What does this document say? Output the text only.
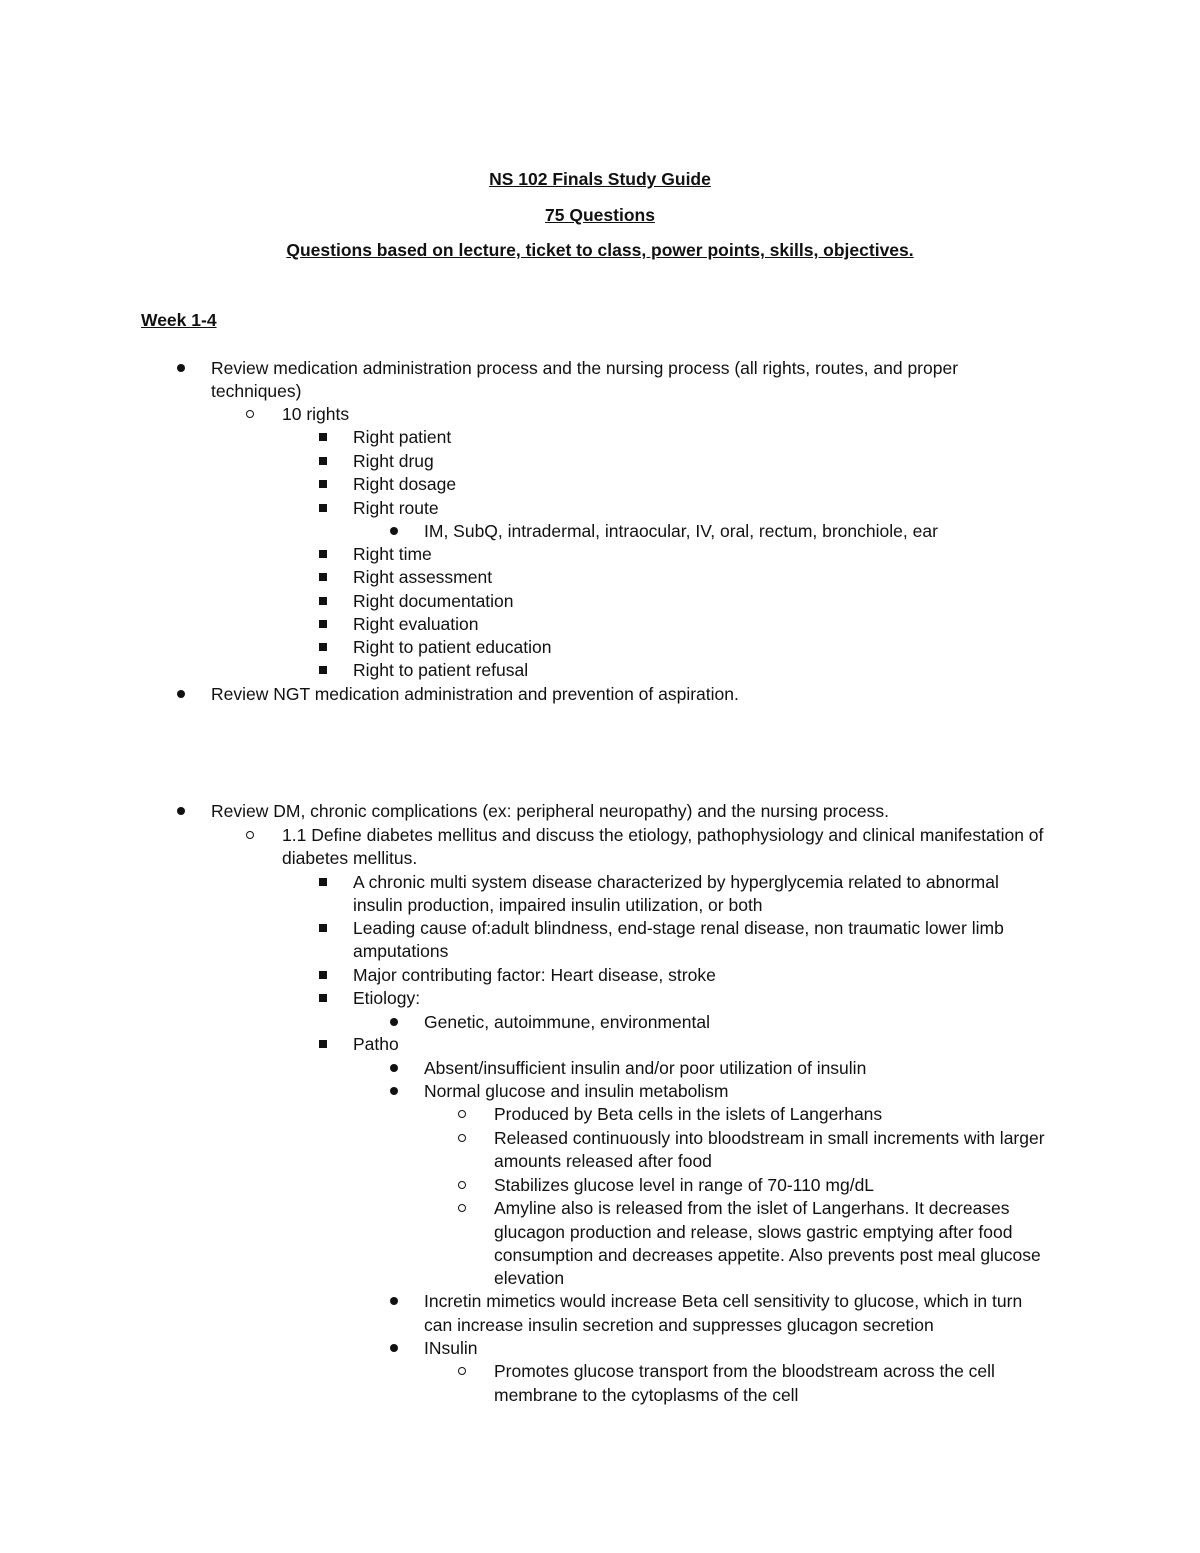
NS 102 Finals Study Guide
75 Questions
Questions based on lecture, ticket to class, power points, skills, objectives.
Week 1-4
Review medication administration process and the nursing process (all rights, routes, and proper
techniques)
10 rights
Right patient
Right drug
Right dosage
Right route
IM, SubQ, intradermal, intraocular, IV, oral, rectum, bronchiole, ear
Right time
Right assessment
Right documentation
Right evaluation
Right to patient education
Right to patient refusal
Review NGT medication administration and prevention of aspiration.
Review DM, chronic complications (ex: peripheral neuropathy) and the nursing process.
1.1 Define diabetes mellitus and discuss the etiology, pathophysiology and clinical manifestation of
diabetes mellitus.
A chronic multi system disease characterized by hyperglycemia related to abnormal
insulin production, impaired insulin utilization, or both
Leading cause of:adult blindness, end-stage renal disease, non traumatic lower limb
amputations
Major contributing factor: Heart disease, stroke
Etiology:
Genetic, autoimmune, environmental
Patho
Absent/insufficient insulin and/or poor utilization of insulin
Normal glucose and insulin metabolism
Produced by Beta cells in the islets of Langerhans
Released continuously into bloodstream in small increments with larger
amounts released after food
Stabilizes glucose level in range of 70-110 mg/dL
Amyline also is released from the islet of Langerhans. It decreases
glucagon production and release, slows gastric emptying after food
consumption and decreases appetite. Also prevents post meal glucose
elevation
Incretin mimetics would increase Beta cell sensitivity to glucose, which in turn
can increase insulin secretion and suppresses glucagon secretion
INsulin
Promotes glucose transport from the bloodstream across the cell
membrane to the cytoplasms of the cell
